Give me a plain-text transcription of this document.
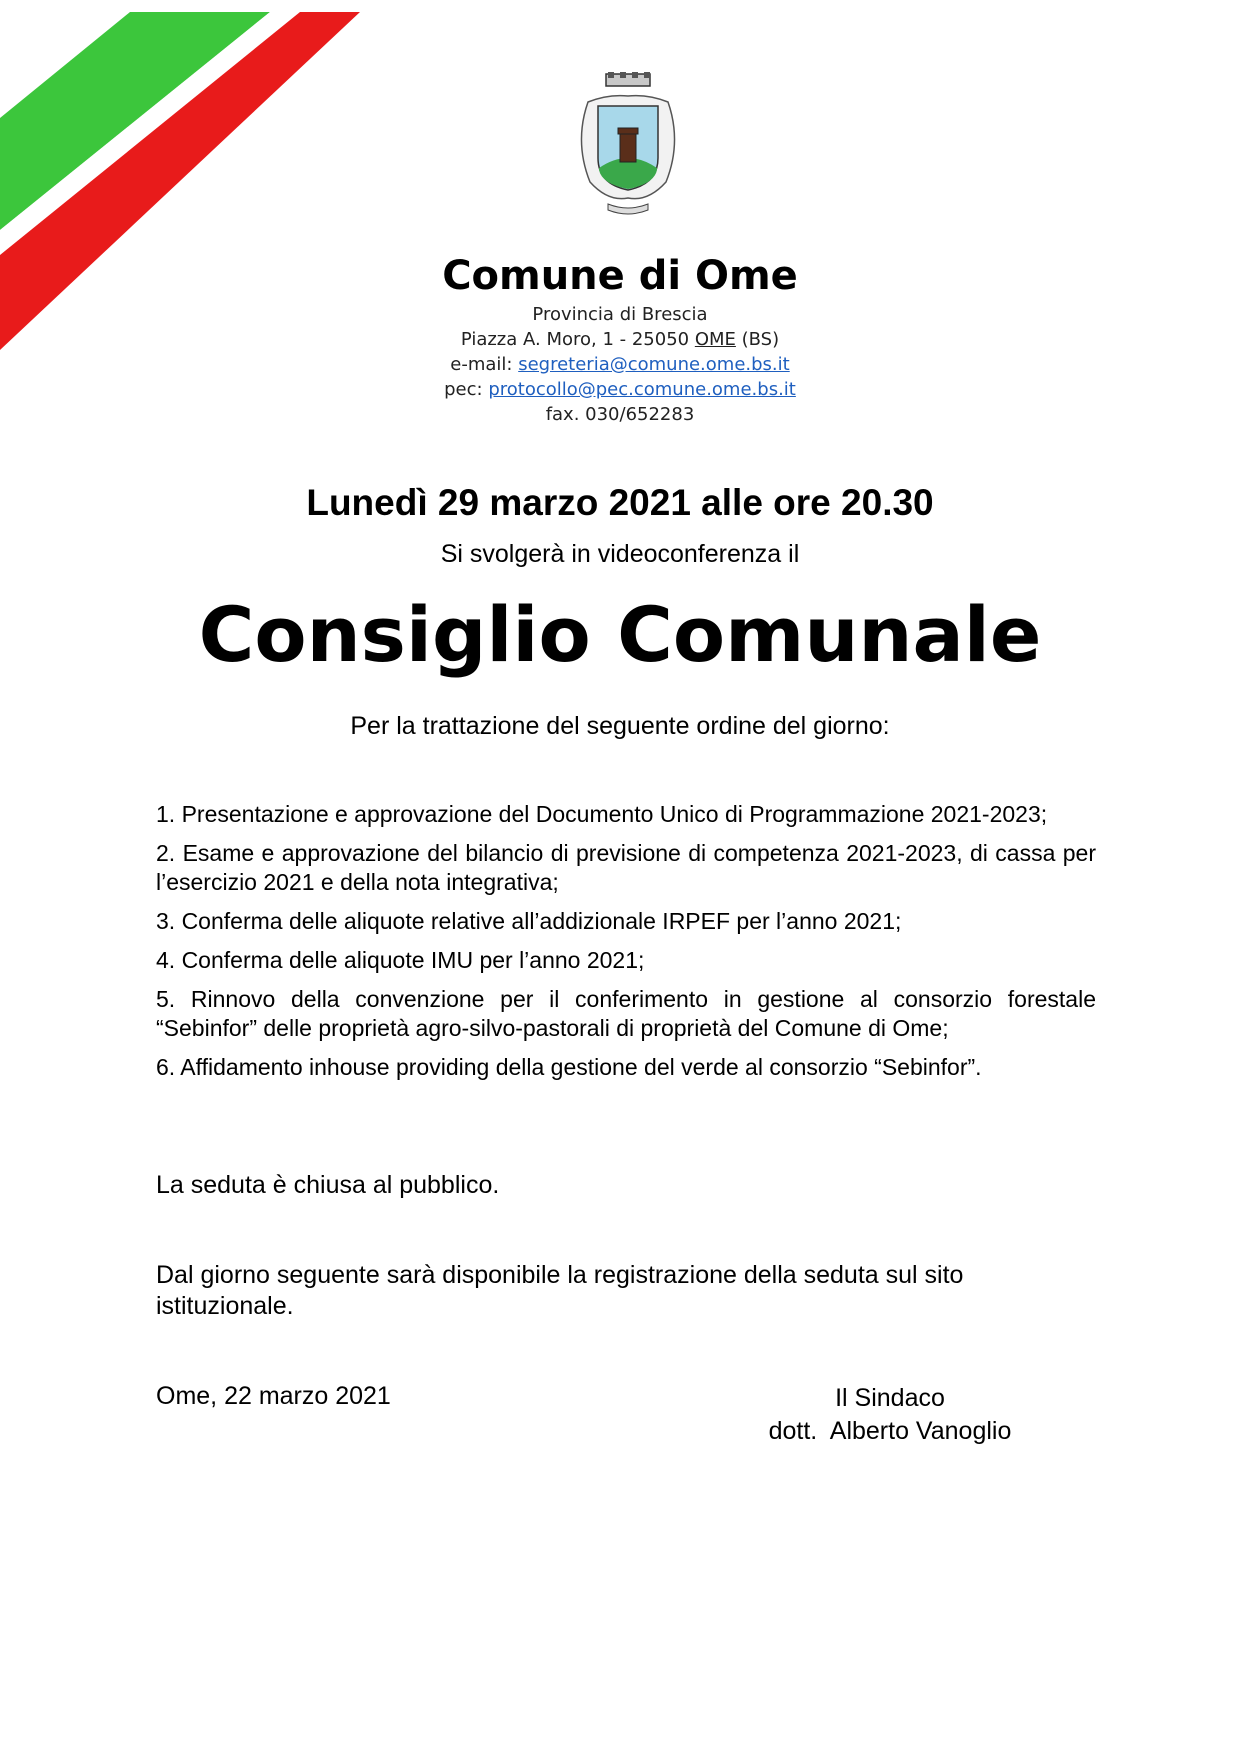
Comune di Ome

Provincia di Brescia
Piazza A. Moro, 1 - 25050 OME (BS)
e-mail: segreteria@comune.ome.bs.it
pec: protocollo@pec.comune.ome.bs.it
fax. 030/652283
Lunedì 29 marzo 2021 alle ore 20.30
Si svolgerà in videoconferenza il
Consiglio Comunale
Per la trattazione del seguente ordine del giorno:

1. Presentazione e approvazione del Documento Unico di Programmazione 2021-2023;

2. Esame e approvazione del bilancio di previsione di competenza 2021-2023, di cassa per l’esercizio 2021 e della nota integrativa;

3. Conferma delle aliquote relative all’addizionale IRPEF per l’anno 2021;

4. Conferma delle aliquote IMU per l’anno 2021;

5. Rinnovo della convenzione per il conferimento in gestione al consorzio forestale “Sebinfor” delle proprietà agro-silvo-pastorali di proprietà del Comune di Ome;

6. Affidamento inhouse providing della gestione del verde al consorzio “Sebinfor”.

La seduta è chiusa al pubblico.
Dal giorno seguente sarà disponibile la registrazione della seduta sul sito istituzionale.
Ome, 22 marzo 2021	Il Sindaco
dott.  Alberto Vanoglio
